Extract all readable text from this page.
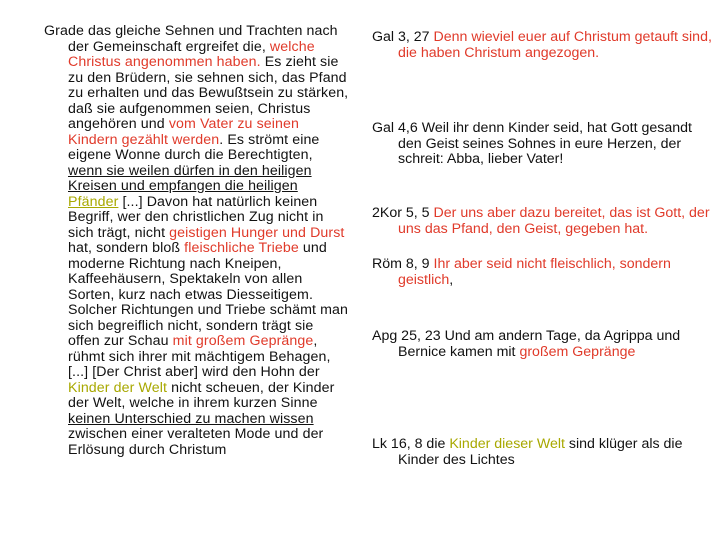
Grade das gleiche Sehnen und Trachten nach der Gemeinschaft ergreifet die, welche Christus angenommen haben. Es zieht sie zu den Brüdern, sie sehnen sich, das Pfand zu erhalten und das Bewußtsein zu stärken, daß sie aufgenommen seien, Christus angehören und vom Vater zu seinen Kindern gezählt werden. Es strömt eine eigene Wonne durch die Berechtigten, wenn sie weilen dürfen in den heiligen Kreisen und empfangen die heiligen Pfänder [...] Davon hat natürlich keinen Begriff, wer den christlichen Zug nicht in sich trägt, nicht geistigen Hunger und Durst hat, sondern bloß fleischliche Triebe und moderne Richtung nach Kneipen, Kaffeehäusern, Spektakeln von allen Sorten, kurz nach etwas Diesseitigem. Solcher Richtungen und Triebe schämt man sich begreiflich nicht, sondern trägt sie offen zur Schau mit großem Gepränge, rühmt sich ihrer mit mächtigem Behagen, [...] [Der Christ aber] wird den Hohn der Kinder der Welt nicht scheuen, der Kinder der Welt, welche in ihrem kurzen Sinne keinen Unterschied zu machen wissen zwischen einer veralteten Mode und der Erlösung durch Christum

Gal 3, 27 Denn wieviel euer auf Christum getauft sind, die haben Christum angezogen.

Gal 4,6 Weil ihr denn Kinder seid, hat Gott gesandt den Geist seines Sohnes in eure Herzen, der schreit: Abba, lieber Vater!

2Kor 5, 5 Der uns aber dazu bereitet, das ist Gott, der uns das Pfand, den Geist, gegeben hat.

Röm 8, 9 Ihr aber seid nicht fleischlich, sondern geistlich,

Apg 25, 23 Und am andern Tage, da Agrippa und Bernice kamen mit großem Gepränge

Lk 16, 8 die Kinder dieser Welt sind klüger als die Kinder des Lichtes
